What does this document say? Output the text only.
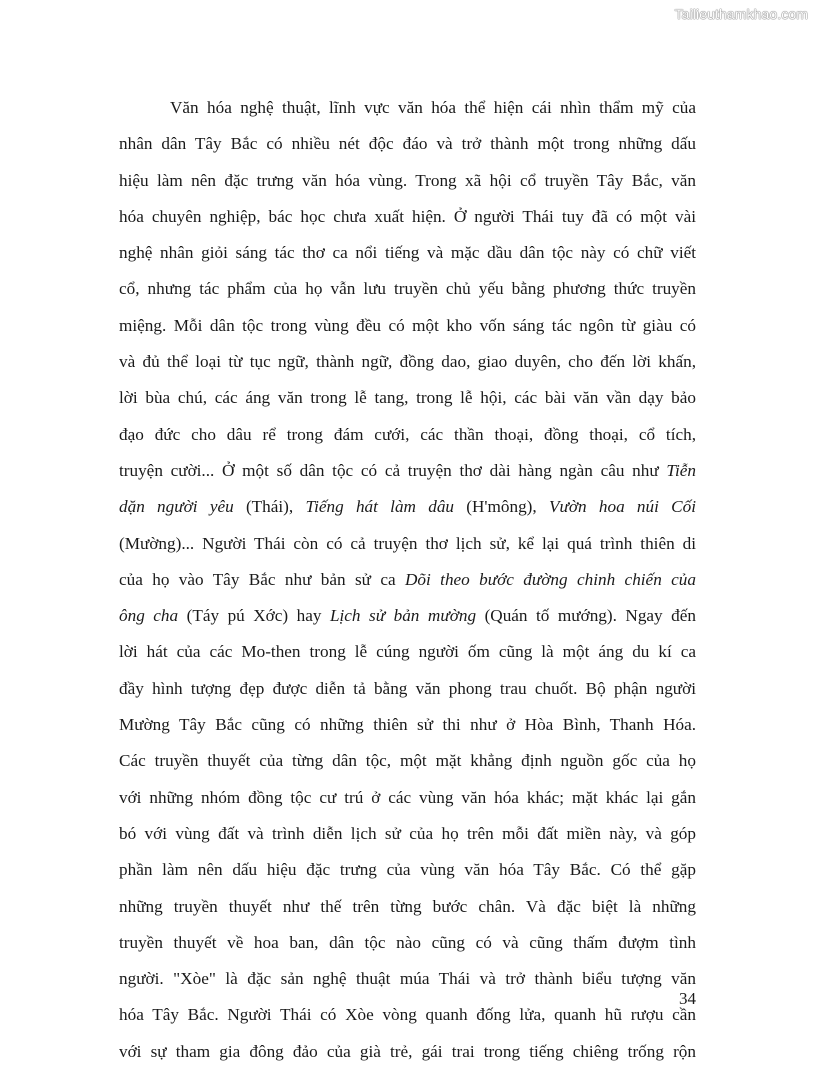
Tailieuthamkhao.com
Văn hóa nghệ thuật, lĩnh vực văn hóa thể hiện cái nhìn thẩm mỹ của
nhân dân Tây Bắc có nhiều nét độc đáo và trở thành một trong những dấu
hiệu làm nên đặc trưng văn hóa vùng. Trong xã hội cổ truyền Tây Bắc, văn
hóa chuyên nghiệp, bác học chưa xuất hiện. Ở người Thái tuy đã có một vài
nghệ nhân giỏi sáng tác thơ ca nổi tiếng và mặc dầu dân tộc này có chữ viết
cổ, nhưng tác phẩm của họ vẫn lưu truyền chủ yếu bằng phương thức truyền
miệng. Mỗi dân tộc trong vùng đều có một kho vốn sáng tác ngôn từ giàu có
và đủ thể loại từ tục ngữ, thành ngữ, đồng dao, giao duyên, cho đến lời khấn,
lời bùa chú, các áng văn trong lễ tang, trong lễ hội, các bài văn vần dạy bảo
đạo đức cho dâu rể trong đám cưới, các thần thoại, đồng thoại, cổ tích,
truyện cười... Ở một số dân tộc có cả truyện thơ dài hàng ngàn câu như Tiễn
dặn người yêu (Thái), Tiếng hát làm dâu (H'mông), Vườn hoa núi Cối
(Mường)... Người Thái còn có cả truyện thơ lịch sử, kể lại quá trình thiên di
của họ vào Tây Bắc như bản sử ca Dõi theo bước đường chinh chiến của
ông cha (Táy pú Xớc) hay Lịch sử bản mường (Quán tố mướng). Ngay đến
lời hát của các Mo-then trong lễ cúng người ốm cũng là một áng du kí ca
đầy hình tượng đẹp được diễn tả bằng văn phong trau chuốt. Bộ phận người
Mường Tây Bắc cũng có những thiên sử thi như ở Hòa Bình, Thanh Hóa.
Các truyền thuyết của từng dân tộc, một mặt khẳng định nguồn gốc của họ
với những nhóm đồng tộc cư trú ở các vùng văn hóa khác; mặt khác lại gắn
bó với vùng đất và trình diễn lịch sử của họ trên mỗi đất miền này, và góp
phần làm nên dấu hiệu đặc trưng của vùng văn hóa Tây Bắc. Có thể gặp
những truyền thuyết như thế trên từng bước chân. Và đặc biệt là những
truyền thuyết về hoa ban, dân tộc nào cũng có và cũng thấm đượm tình
người. "Xòe" là đặc sản nghệ thuật múa Thái và trở thành biểu tượng văn
hóa Tây Bắc. Người Thái có Xòe vòng quanh đống lửa, quanh hũ rượu cần
với sự tham gia đông đảo của già trẻ, gái trai trong tiếng chiêng trống rộn
34
